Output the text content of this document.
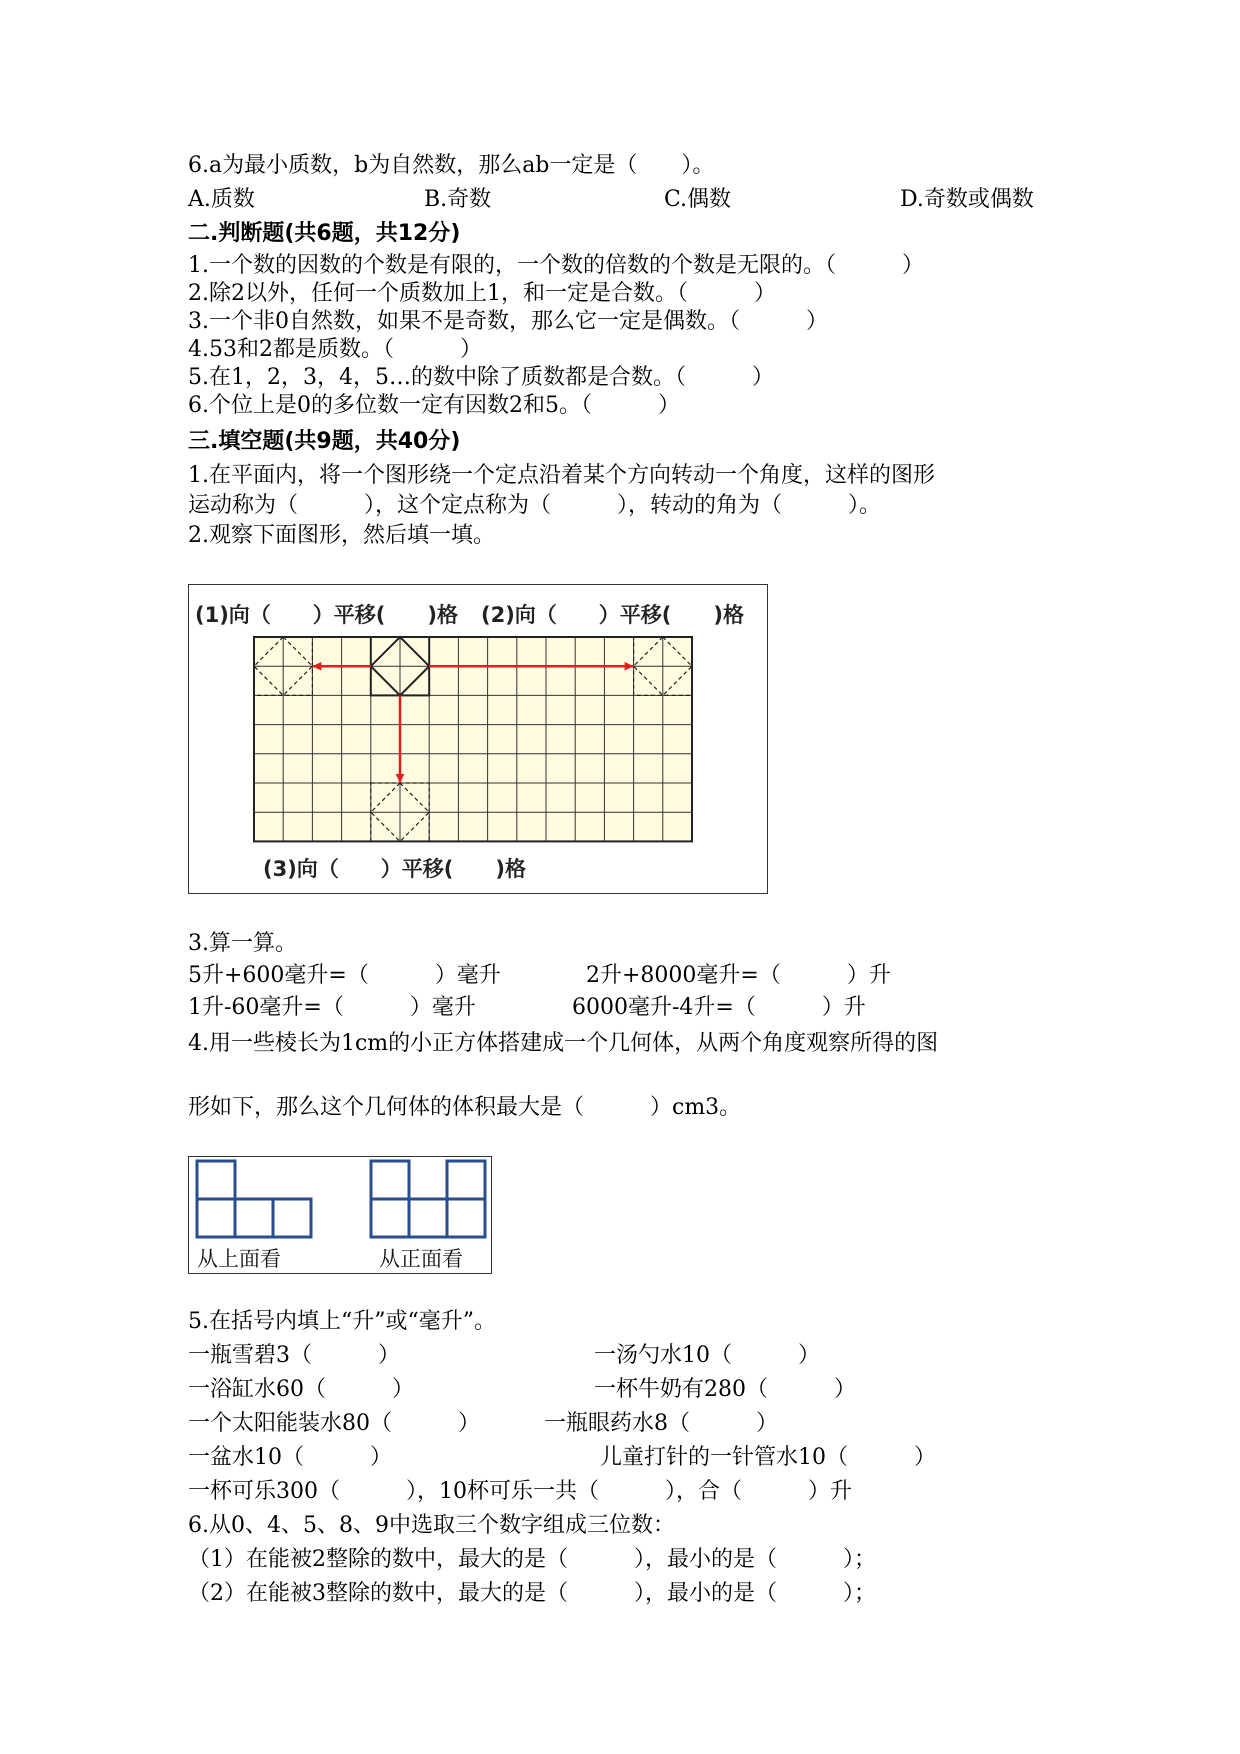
6.a为最小质数，b为自然数，那么ab一定是（　　）。
A.质数	B.奇数	C.偶数	D.奇数或偶数
二.判断题(共6题，共12分)
1.一个数的因数的个数是有限的，一个数的倍数的个数是无限的。（　　　）
2.除2以外，任何一个质数加上1，和一定是合数。（　　　）
3.一个非0自然数，如果不是奇数，那么它一定是偶数。（　　　）
4.53和2都是质数。（　　　）
5.在1，2，3，4，5…的数中除了质数都是合数。（　　　）
6.个位上是0的多位数一定有因数2和5。（　　　）
三.填空题(共9题，共40分)
1.在平面内，将一个图形绕一个定点沿着某个方向转动一个角度，这样的图形
运动称为（　　　），这个定点称为（　　　），转动的角为（　　　）。
2.观察下面图形，然后填一填。
(1)向（　　）平移(　　)格 (2)向（　　）平移(　　)格
(3)向（　　）平移(　　)格
3.算一算。
5升+600毫升=（　　　）毫升	2升+8000毫升=（　　　）升
1升-60毫升=（　　　）毫升	6000毫升-4升=（　　　）升
4.用一些棱长为1cm的小正方体搭建成一个几何体，从两个角度观察所得的图
形如下，那么这个几何体的体积最大是（　　　）cm3。
从上面看	从正面看
5.在括号内填上“升”或“毫升”。
一瓶雪碧3（　　　）	一汤勺水10（　　　）
一浴缸水60（　　　）	一杯牛奶有280（　　　）
一个太阳能装水80（　　　）	一瓶眼药水8（　　　）
一盆水10（　　　）	儿童打针的一针管水10（　　　）
一杯可乐300（　　　），10杯可乐一共（　　　），合（　　　）升
6.从0、4、5、8、9中选取三个数字组成三位数：
（1）在能被2整除的数中，最大的是（　　　），最小的是（　　　）；
（2）在能被3整除的数中，最大的是（　　　），最小的是（　　　）；
